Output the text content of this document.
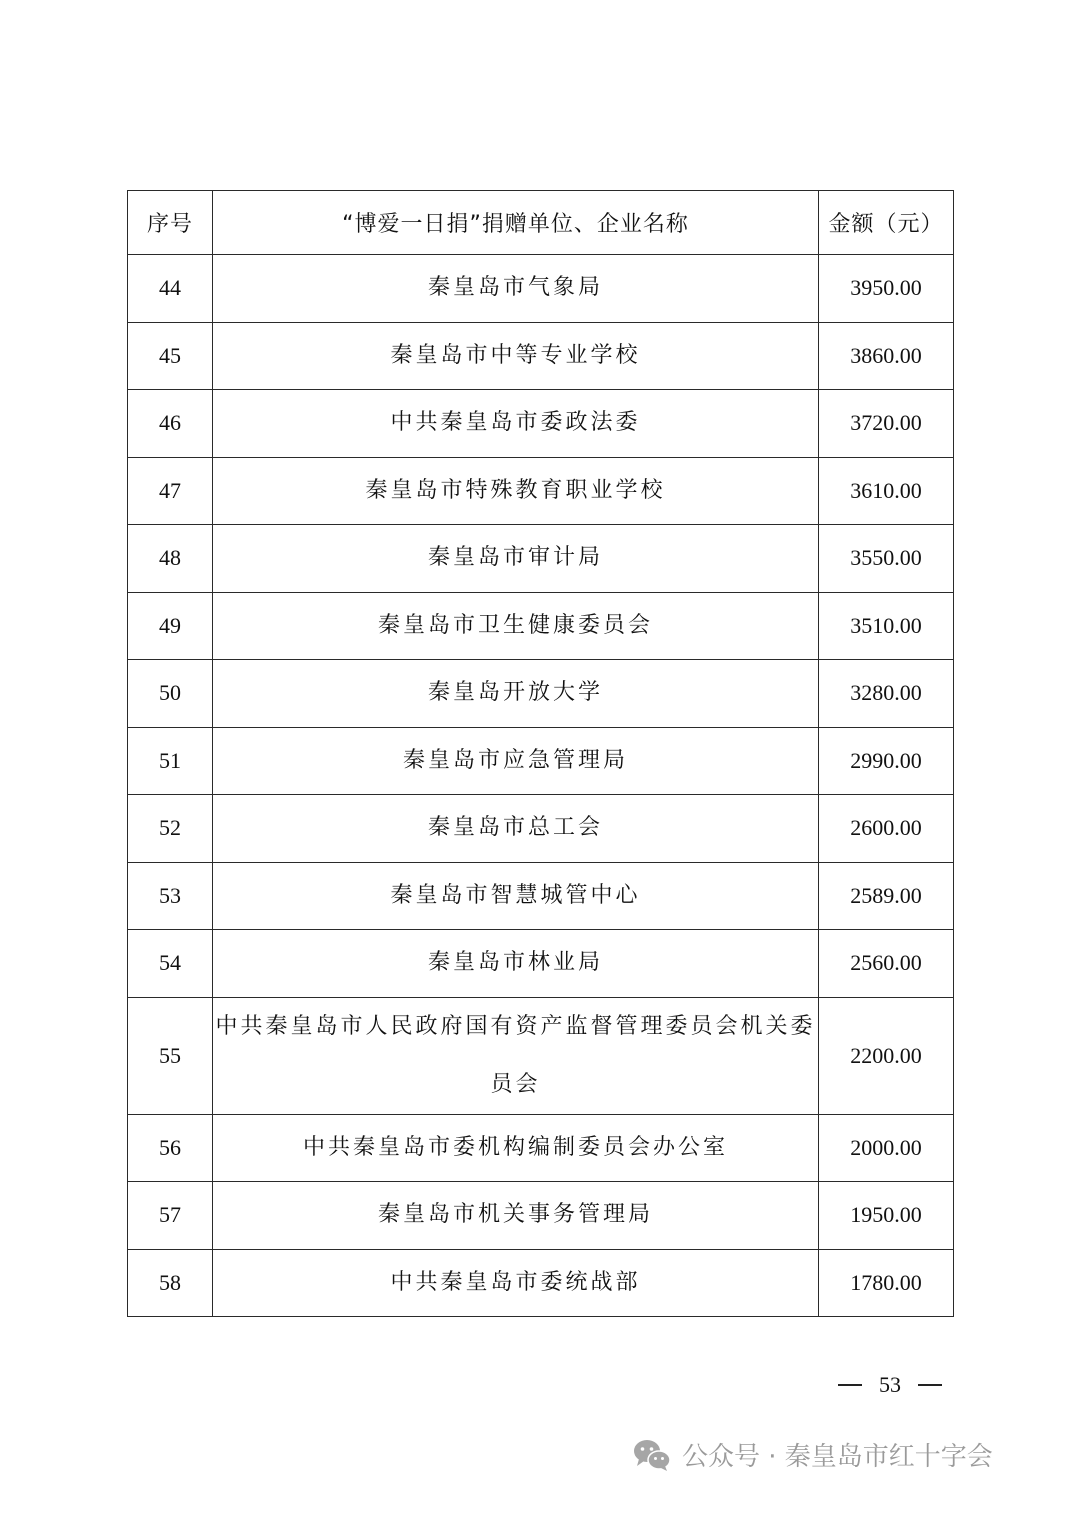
序号	“博爱一日捐”捐赠单位、企业名称	金额（元）
44	秦皇岛市气象局	3950.00
45	秦皇岛市中等专业学校	3860.00
46	中共秦皇岛市委政法委	3720.00
47	秦皇岛市特殊教育职业学校	3610.00
48	秦皇岛市审计局	3550.00
49	秦皇岛市卫生健康委员会	3510.00
50	秦皇岛开放大学	3280.00
51	秦皇岛市应急管理局	2990.00
52	秦皇岛市总工会	2600.00
53	秦皇岛市智慧城管中心	2589.00
54	秦皇岛市林业局	2560.00
55	中共秦皇岛市人民政府国有资产监督管理委员会机关委员会	2200.00
56	中共秦皇岛市委机构编制委员会办公室	2000.00
57	秦皇岛市机关事务管理局	1950.00
58	中共秦皇岛市委统战部	1780.00
53
公众号 · 秦皇岛市红十字会
